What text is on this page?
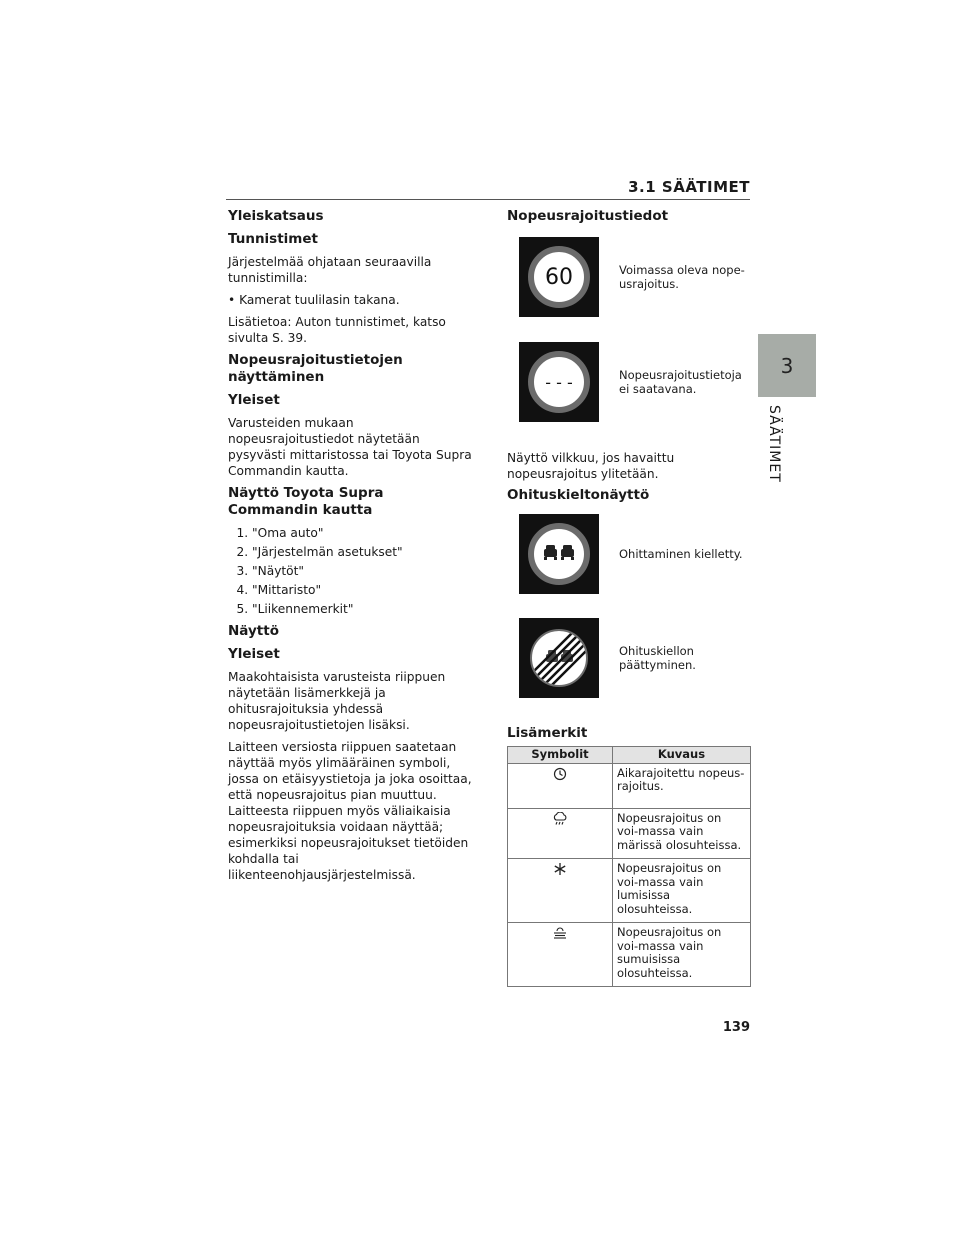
3.1 SÄÄTIMET
3
SÄÄTIMET
Yleiskatsaus
Tunnistimet

Järjestelmää ohjataan seuraavilla tunnistimilla:

• Kamerat tuulilasin takana.

Lisätietoa: Auton tunnistimet, katso sivulta S. 39.

Nopeusrajoitustietojen näyttäminen
Yleiset

Varusteiden mukaan nopeusrajoitustiedot näytetään pysyvästi mittaristossa tai Toyota Supra Commandin kautta.

Näyttö Toyota Supra Commandin kautta
1. "Oma auto"
2. "Järjestelmän asetukset"
3. "Näytöt"
4. "Mittaristo"
5. "Liikennemerkit"
Näyttö
Yleiset

Maakohtaisista varusteista riippuen näytetään lisämerkkejä ja ohitusrajoituksia yhdessä nopeusrajoitustietojen lisäksi.

Laitteen versiosta riippuen saatetaan näyttää myös ylimääräinen symboli, jossa on etäisyystietoja ja joka osoittaa, että nopeusrajoitus pian muuttuu. Laitteesta riippuen myös väliaikaisia nopeusrajoituksia voidaan näyttää; esimerkiksi nopeusrajoitukset tietöiden kohdalla tai liikenteenohjausjärjestelmissä.

Nopeusrajoitustiedot
60	Voimassa oleva nope-usrajoitus.
- - -	Nopeusrajoitustietoja ei saatavana.

Näyttö vilkkuu, jos havaittu nopeusrajoitus ylitetään.

Ohituskieltonäyttö
Ohittaminen kielletty.
Ohituskiellon päättyminen.
Lisämerkit
Symbolit	Kuvaus
	Aikarajoitettu nopeus-rajoitus.
	Nopeusrajoitus on voi-massa vain märissä olosuhteissa.
	Nopeusrajoitus on voi-massa vain lumisissa olosuhteissa.
	Nopeusrajoitus on voi-massa vain sumuisissa olosuhteissa.
139
